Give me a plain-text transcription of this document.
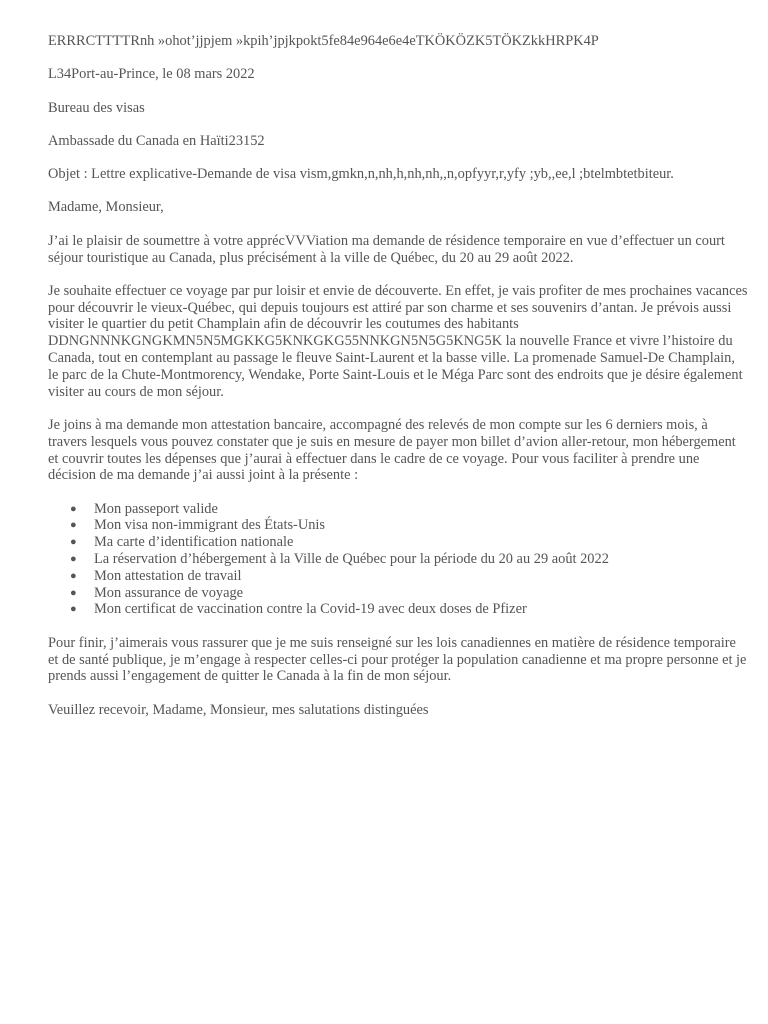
ERRRCTTTTRnh »ohot’jjpjem »kpih’jpjkpokt5fe84e964e6e4eTKÖKÖZK5TÖKZkkHRPK4P

L34Port-au-Prince, le 08 mars 2022

Bureau des visas

Ambassade du Canada en Haïti23152

Objet : Lettre explicative-Demande de visa vism,gmkn,n,nh,h,nh,nh,,n,opfyyr,r,yfy ;yb,,ee,l ;btelmbtetbiteur.

Madame, Monsieur,

J’ai le plaisir de soumettre à votre apprécVVViation ma demande de résidence temporaire en vue d’effectuer un court séjour touristique au Canada, plus précisément à la ville de Québec, du 20 au 29 août 2022.

Je souhaite effectuer ce voyage par pur loisir et envie de découverte. En effet, je vais profiter de mes prochaines vacances pour découvrir le vieux-Québec, qui depuis toujours est attiré par son charme et ses souvenirs d’antan. Je prévois aussi visiter le quartier du petit Champlain afin de découvrir les coutumes des habitants DDNGNNNKGNGKMN5N5MGKKG5KNKGKG55NNKGN5N5G5KNG5K la nouvelle France et vivre l’histoire du Canada, tout en contemplant au passage le fleuve Saint-Laurent et la basse ville. La promenade Samuel-De Champlain, le parc de la Chute-Montmorency, Wendake, Porte Saint-Louis et le Méga Parc sont des endroits que je désire également visiter au cours de mon séjour.

Je joins à ma demande mon attestation bancaire, accompagné des relevés de mon compte sur les 6 derniers mois, à travers lesquels vous pouvez constater que je suis en mesure de payer mon billet d’avion aller-retour, mon hébergement et couvrir toutes les dépenses que j’aurai à effectuer dans le cadre de ce voyage. Pour vous faciliter à prendre une décision de ma demande j’ai aussi joint à la présente :

● Mon passeport valide
● Mon visa non-immigrant des États-Unis
● Ma carte d’identification nationale
● La réservation d’hébergement à la Ville de Québec pour la période du 20 au 29 août 2022
● Mon attestation de travail
● Mon assurance de voyage
● Mon certificat de vaccination contre la Covid-19 avec deux doses de Pfizer

Pour finir, j’aimerais vous rassurer que je me suis renseigné sur les lois canadiennes en matière de résidence temporaire et de santé publique, je m’engage à respecter celles-ci pour protéger la population canadienne et ma propre personne et je prends aussi l’engagement de quitter le Canada à la fin de mon séjour.

Veuillez recevoir, Madame, Monsieur, mes salutations distinguées
